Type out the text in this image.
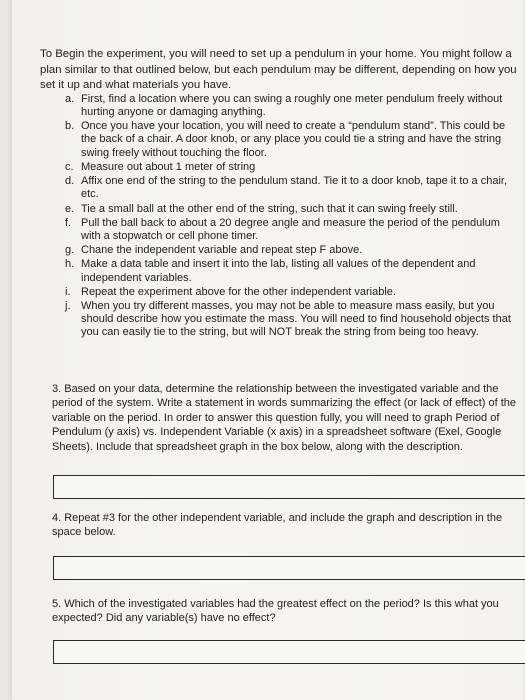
To Begin the experiment, you will need to set up a pendulum in your home. You might follow a plan similar to that outlined below, but each pendulum may be different, depending on how you set it up and what materials you have.
a. First, find a location where you can swing a roughly one meter pendulum freely without hurting anyone or damaging anything.
b. Once you have your location, you will need to create a “pendulum stand”. This could be the back of a chair. A door knob, or any place you could tie a string and have the string swing freely without touching the floor.
c. Measure out about 1 meter of string
d. Affix one end of the string to the pendulum stand. Tie it to a door knob, tape it to a chair, etc.
e. Tie a small ball at the other end of the string, such that it can swing freely still.
f. Pull the ball back to about a 20 degree angle and measure the period of the pendulum with a stopwatch or cell phone timer.
g. Chane the independent variable and repeat step F above.
h. Make a data table and insert it into the lab, listing all values of the dependent and independent variables.
i. Repeat the experiment above for the other independent variable.
j. When you try different masses, you may not be able to measure mass easily, but you should describe how you estimate the mass. You will need to find household objects that you can easily tie to the string, but will NOT break the string from being too heavy.
3. Based on your data, determine the relationship between the investigated variable and the period of the system. Write a statement in words summarizing the effect (or lack of effect) of the variable on the period. In order to answer this question fully, you will need to graph Period of Pendulum (y axis) vs. Independent Variable (x axis) in a spreadsheet software (Exel, Google Sheets). Include that spreadsheet graph in the box below, along with the description.
4. Repeat #3 for the other independent variable, and include the graph and description in the space below.
5. Which of the investigated variables had the greatest effect on the period? Is this what you expected? Did any variable(s) have no effect?
